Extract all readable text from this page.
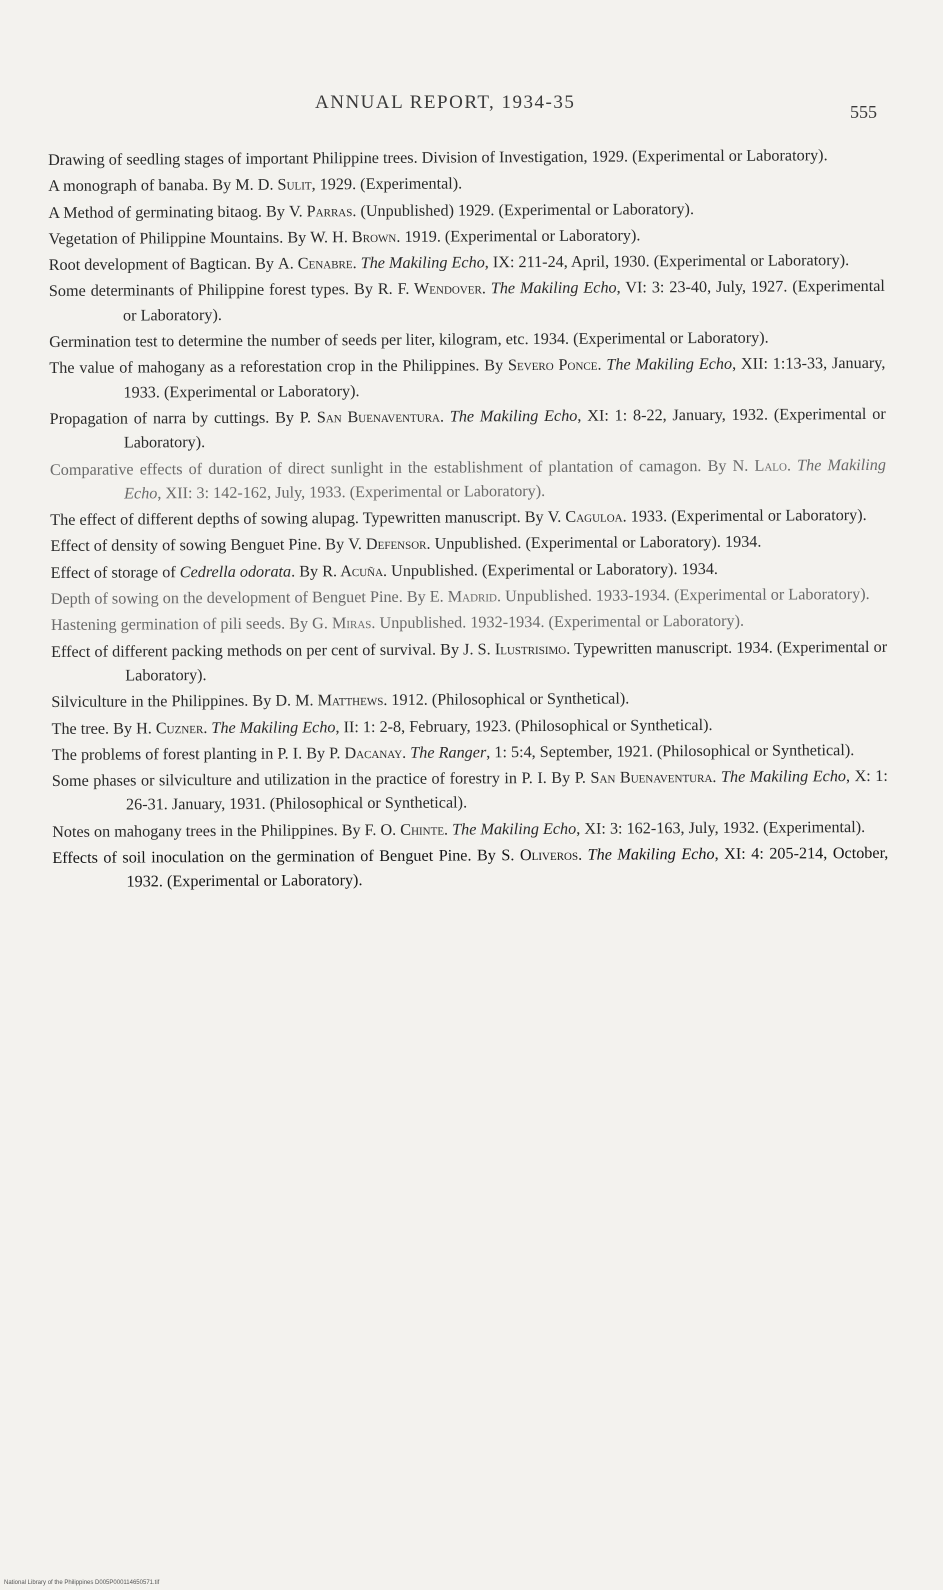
ANNUAL REPORT, 1934-35	555

Drawing of seedling stages of important Philippine trees. Division of Investigation, 1929. (Experimental or Laboratory).

A monograph of banaba. By M. D. Sulit, 1929. (Experimental).

A Method of germinating bitaog. By V. Parras. (Unpublished) 1929. (Experimental or Laboratory).

Vegetation of Philippine Mountains. By W. H. Brown. 1919. (Experimental or Laboratory).

Root development of Bagtican. By A. Cenabre. The Makiling Echo, IX: 211-24, April, 1930. (Experimental or Laboratory).

Some determinants of Philippine forest types. By R. F. Wendover. The Makiling Echo, VI: 3: 23-40, July, 1927. (Experimental or Laboratory).

Germination test to determine the number of seeds per liter, kilogram, etc. 1934. (Experimental or Laboratory).

The value of mahogany as a reforestation crop in the Philippines. By Severo Ponce. The Makiling Echo, XII: 1:13-33, January, 1933. (Experimental or Laboratory).

Propagation of narra by cuttings. By P. San Buenaventura. The Makiling Echo, XI: 1: 8-22, January, 1932. (Experimental or Laboratory).

Comparative effects of duration of direct sunlight in the establishment of plantation of camagon. By N. Lalo. The Makiling Echo, XII: 3: 142-162, July, 1933. (Experimental or Laboratory).

The effect of different depths of sowing alupag. Typewritten manuscript. By V. Caguloa. 1933. (Experimental or Laboratory).

Effect of density of sowing Benguet Pine. By V. Defensor. Unpublished. (Experimental or Laboratory). 1934.

Effect of storage of Cedrella odorata. By R. Acuña. Unpublished. (Experimental or Laboratory). 1934.

Depth of sowing on the development of Benguet Pine. By E. Madrid. Unpublished. 1933-1934. (Experimental or Laboratory).

Hastening germination of pili seeds. By G. Miras. Unpublished. 1932-1934. (Experimental or Laboratory).

Effect of different packing methods on per cent of survival. By J. S. Ilustrisimo. Typewritten manuscript. 1934. (Experimental or Laboratory).

Silviculture in the Philippines. By D. M. Matthews. 1912. (Philosophical or Synthetical).

The tree. By H. Cuzner. The Makiling Echo, II: 1: 2-8, February, 1923. (Philosophical or Synthetical).

The problems of forest planting in P. I. By P. Dacanay. The Ranger, 1: 5:4, September, 1921. (Philosophical or Synthetical).

Some phases or silviculture and utilization in the practice of forestry in P. I. By P. San Buenaventura. The Makiling Echo, X: 1: 26-31. January, 1931. (Philosophical or Synthetical).

Notes on mahogany trees in the Philippines. By F. O. Chinte. The Makiling Echo, XI: 3: 162-163, July, 1932. (Experimental).

Effects of soil inoculation on the germination of Benguet Pine. By S. Oliveros. The Makiling Echo, XI: 4: 205-214, October, 1932. (Experimental or Laboratory).

National Library of the Philippines D005P000114650571.tif
